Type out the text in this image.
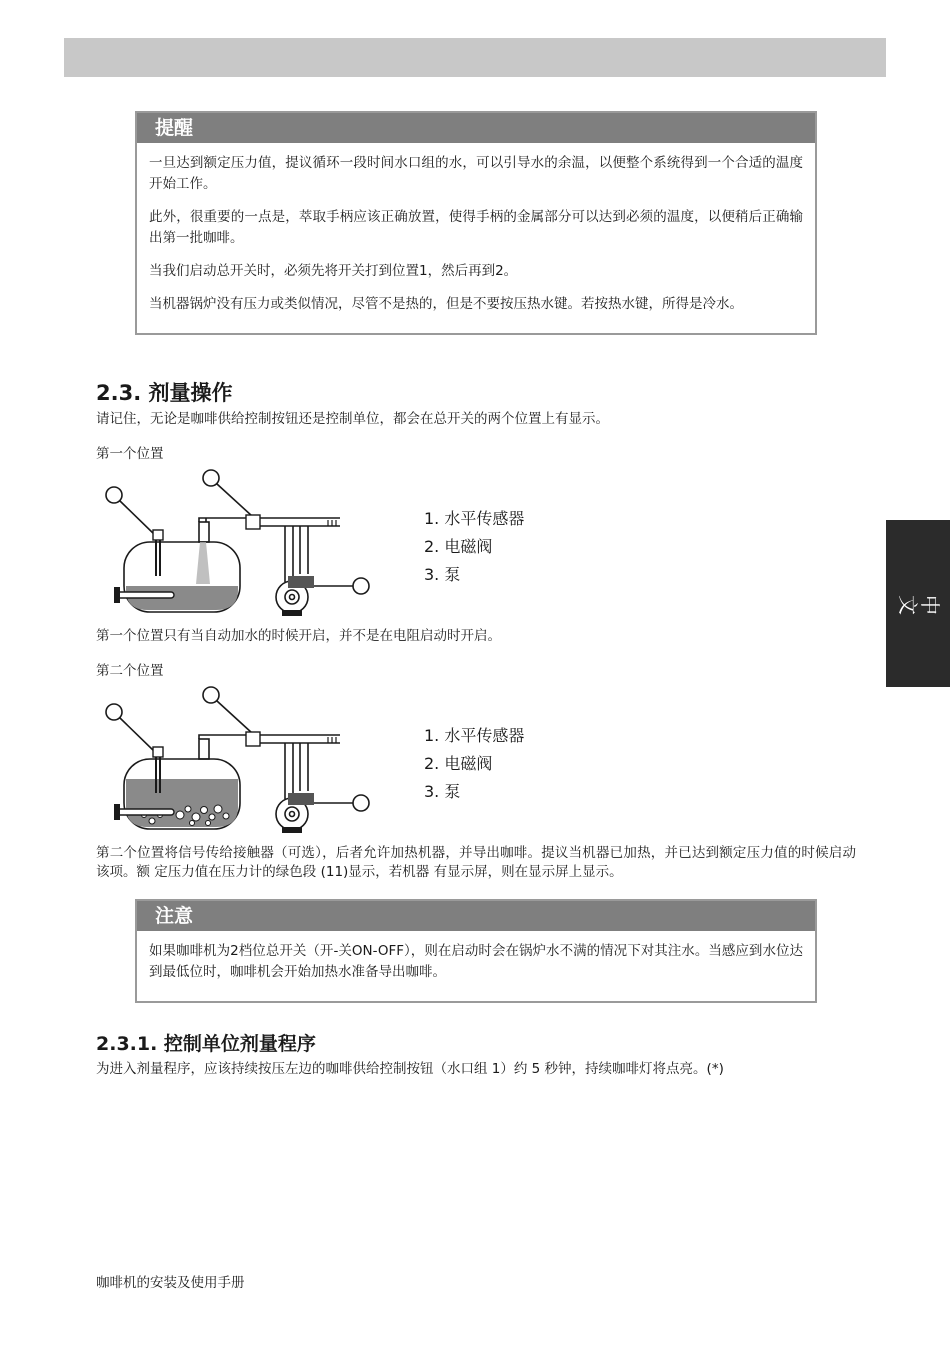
中文
提醒

一旦达到额定压力值，提议循环一段时间水口组的水，可以引导水的余温，以便整个系统得到一个合适的温度开始工作。

此外，很重要的一点是，萃取手柄应该正确放置，使得手柄的金属部分可以达到必须的温度，以便稍后正确输出第一批咖啡。

当我们启动总开关时，必须先将开关打到位置1，然后再到2。

当机器锅炉没有压力或类似情况，尽管不是热的，但是不要按压热水键。若按热水键，所得是冷水。

2.3. 剂量操作
请记住，无论是咖啡供给控制按钮还是控制单位，都会在总开关的两个位置上有显示。
第一个位置
1. 水平传感器
2. 电磁阀
3. 泵
第一个位置只有当自动加水的时候开启，并不是在电阻启动时开启。
第二个位置
1. 水平传感器
2. 电磁阀
3. 泵
第二个位置将信号传给接触器（可选），后者允许加热机器，并导出咖啡。提议当机器已加热，并已达到额定压力值的时候启动该项。额 定压力值在压力计的绿色段 (11)显示，若机器 有显示屏，则在显示屏上显示。
注意

如果咖啡机为2档位总开关（开-关ON-OFF），则在启动时会在锅炉水不满的情况下对其注水。当感应到水位达到最低位时，咖啡机会开始加热水准备导出咖啡。

2.3.1. 控制单位剂量程序
为进入剂量程序，应该持续按压左边的咖啡供给控制按钮（水口组 1）约 5 秒钟，持续咖啡灯将点亮。(*)
咖啡机的安装及使用手册
